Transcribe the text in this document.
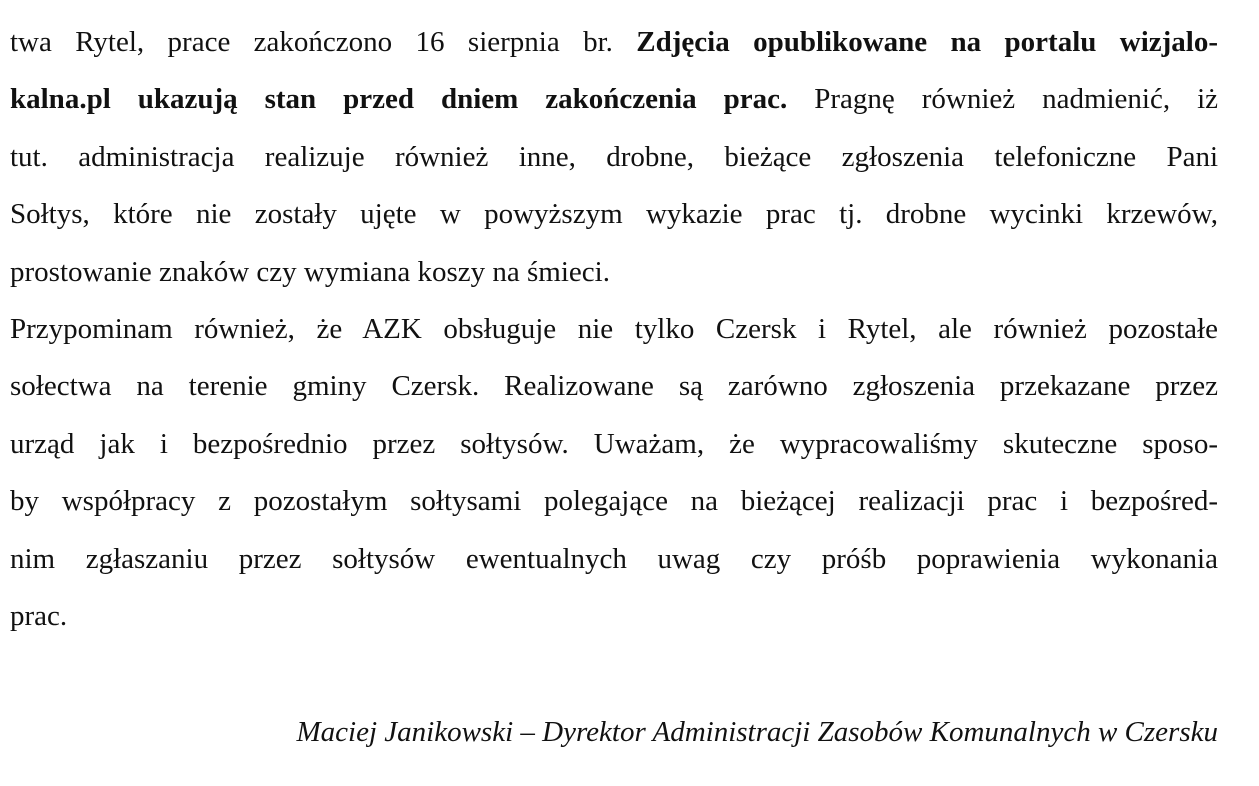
twa Rytel, prace zakończono 16 sierpnia br. Zdjęcia opublikowane na portalu wizjalo-
kalna.pl ukazują stan przed dniem zakończenia prac. Pragnę również nadmienić, iż
tut. administracja realizuje również inne, drobne, bieżące zgłoszenia telefoniczne Pani
Sołtys, które nie zostały ujęte w powyższym wykazie prac tj. drobne wycinki krzewów,
prostowanie znaków czy wymiana koszy na śmieci.
Przypominam również, że AZK obsługuje nie tylko Czersk i Rytel, ale również pozostałe
sołectwa na terenie gminy Czersk. Realizowane są zarówno zgłoszenia przekazane przez
urząd jak i bezpośrednio przez sołtysów. Uważam, że wypracowaliśmy skuteczne sposo-
by współpracy z pozostałym sołtysami polegające na bieżącej realizacji prac i bezpośred-
nim zgłaszaniu przez sołtysów ewentualnych uwag czy próśb poprawienia wykonania
prac.
Maciej Janikowski – Dyrektor Administracji Zasobów Komunalnych w Czersku
